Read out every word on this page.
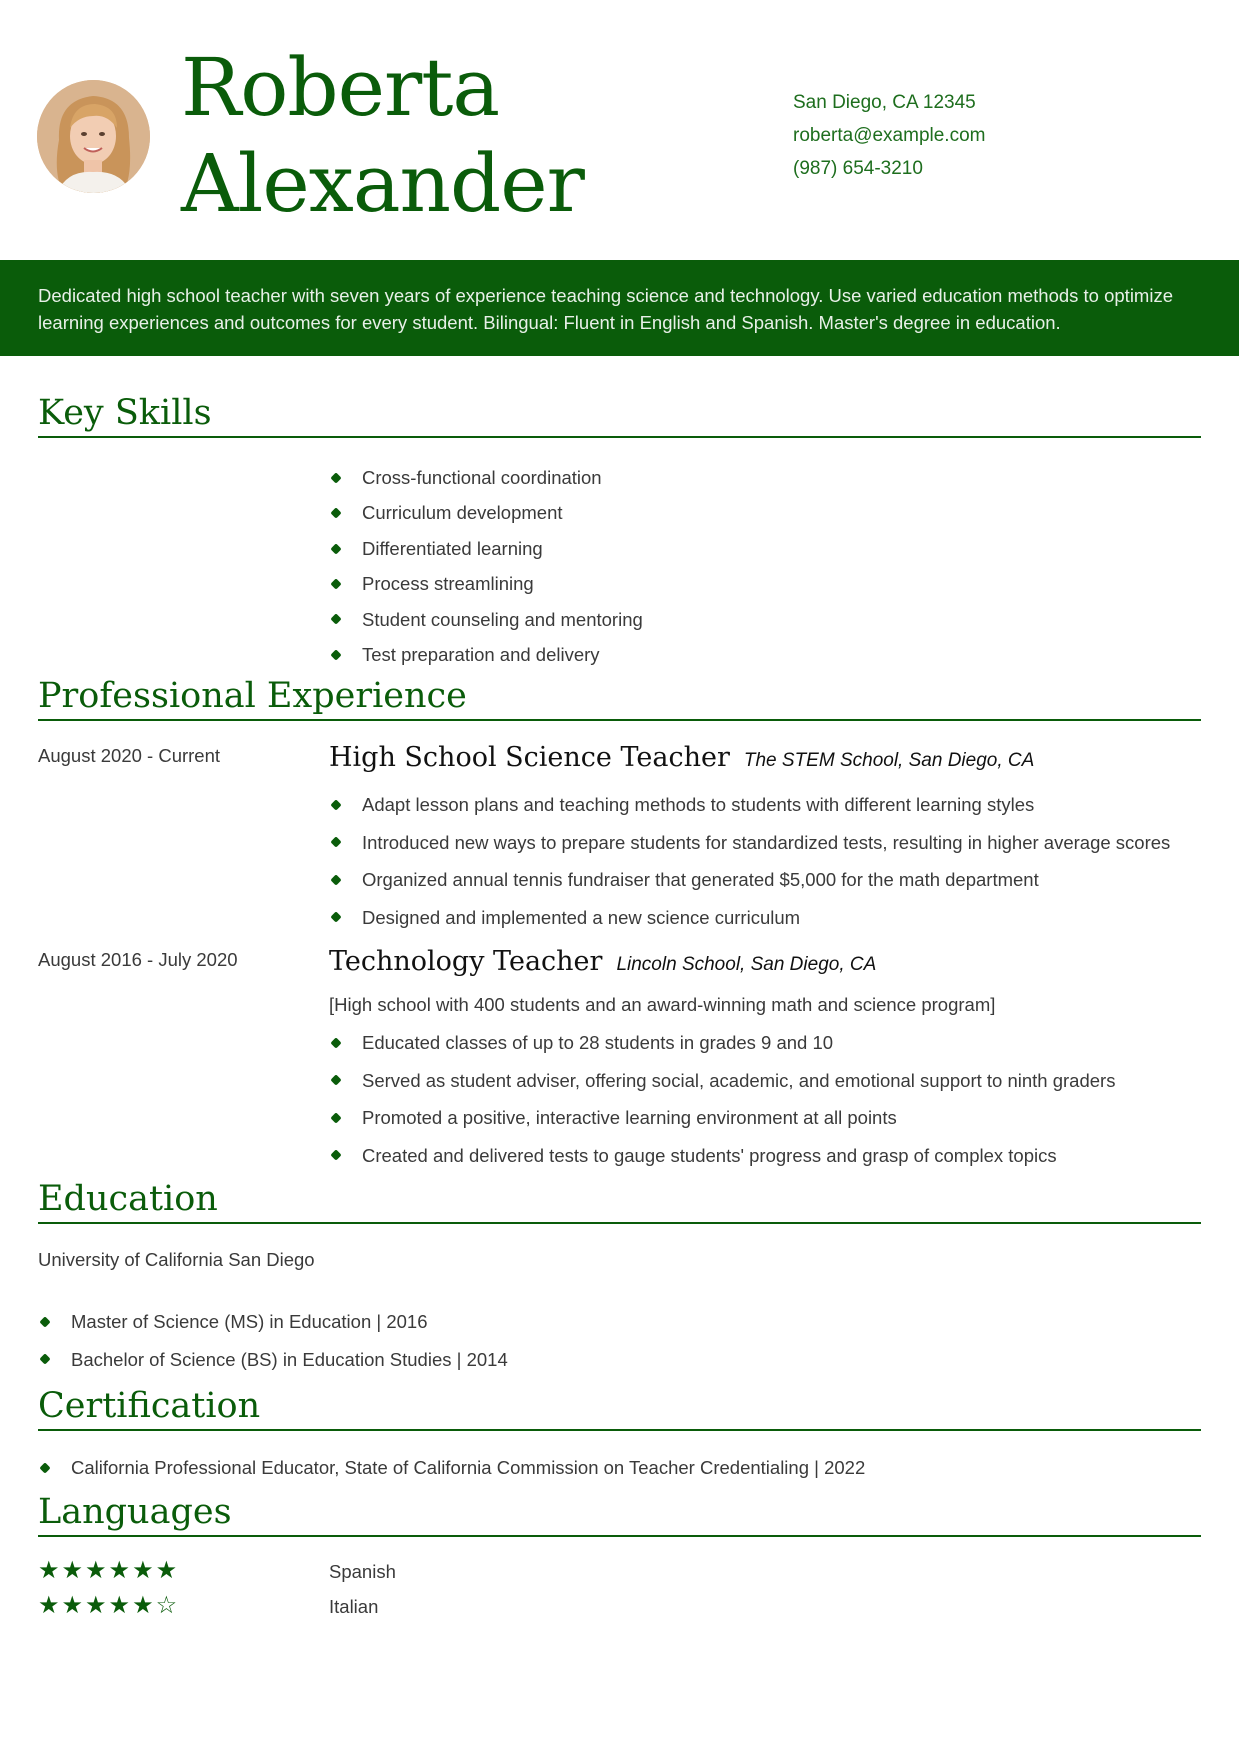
Roberta
Alexander
San Diego, CA 12345
roberta@example.com
(987) 654-3210
Dedicated high school teacher with seven years of experience teaching science and technology. Use varied education methods to optimize learning experiences and outcomes for every student. Bilingual: Fluent in English and Spanish. Master's degree in education.
Key Skills
Cross-functional coordination
Curriculum development
Differentiated learning
Process streamlining
Student counseling and mentoring
Test preparation and delivery
Professional Experience
August 2020 - Current	High School Science Teacher The STEM School, San Diego, CA
Adapt lesson plans and teaching methods to students with different learning styles
Introduced new ways to prepare students for standardized tests, resulting in higher average scores
Organized annual tennis fundraiser that generated $5,000 for the math department
Designed and implemented a new science curriculum
August 2016 - July 2020	Technology Teacher Lincoln School, San Diego, CA
[High school with 400 students and an award-winning math and science program]
Educated classes of up to 28 students in grades 9 and 10
Served as student adviser, offering social, academic, and emotional support to ninth graders
Promoted a positive, interactive learning environment at all points
Created and delivered tests to gauge students' progress and grasp of complex topics
Education
University of California San Diego
Master of Science (MS) in Education | 2016
Bachelor of Science (BS) in Education Studies | 2014
Certification
California Professional Educator, State of California Commission on Teacher Credentialing | 2022
Languages
★★★★★★	Spanish
★★★★★☆	Italian
